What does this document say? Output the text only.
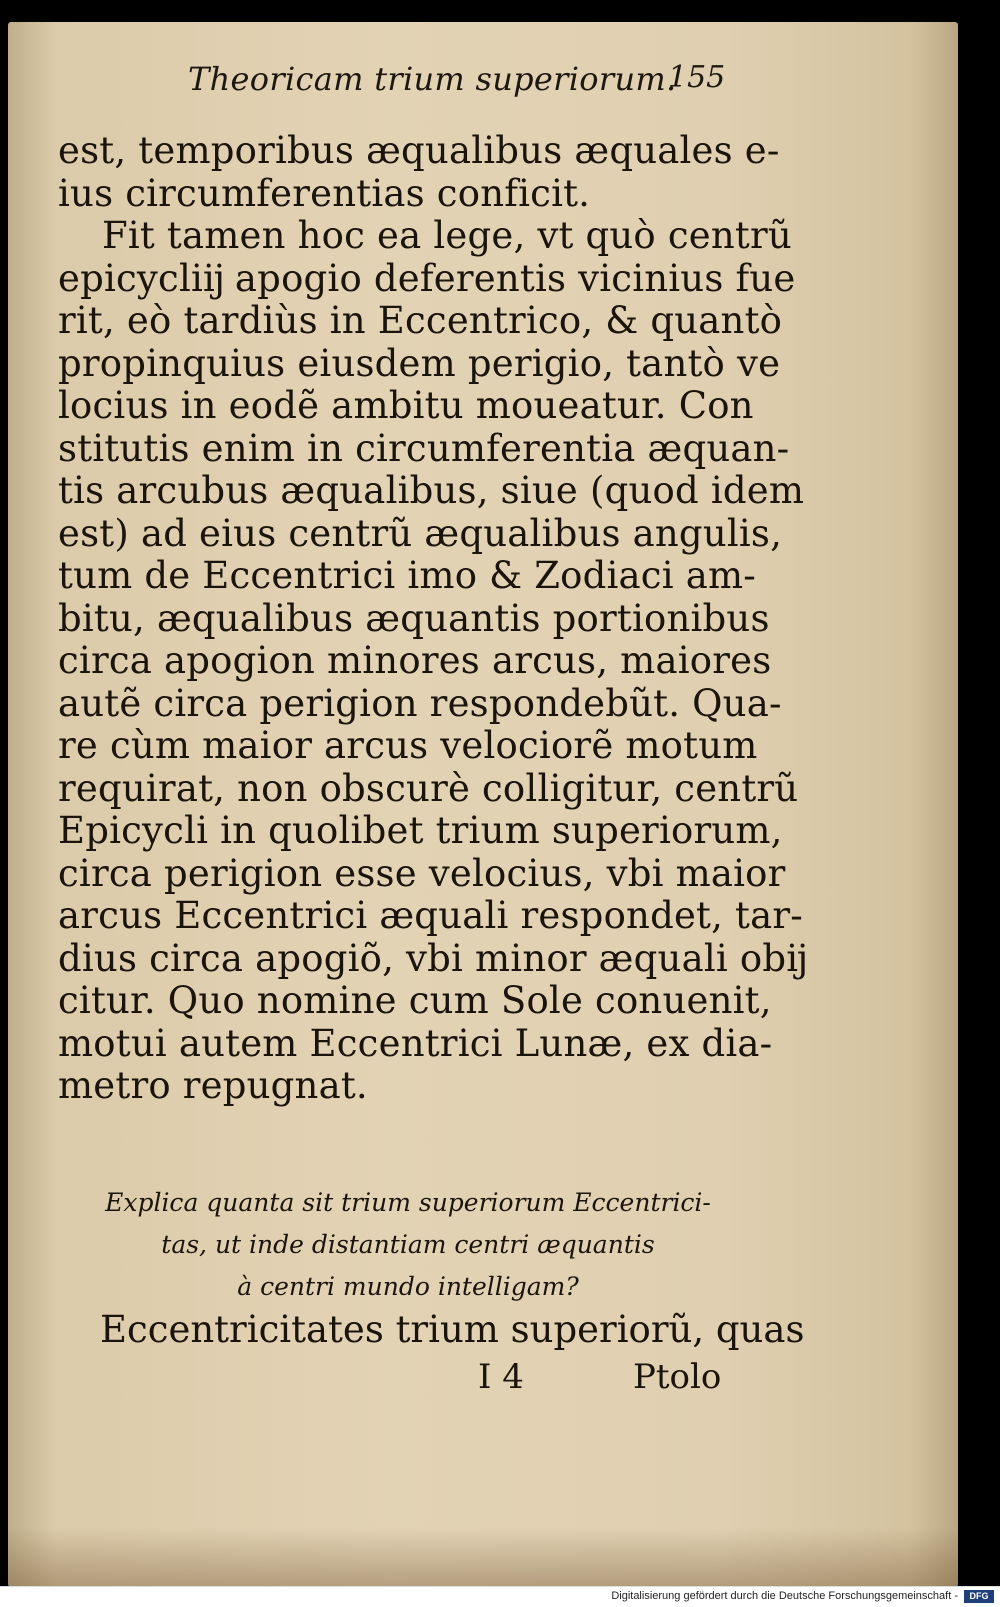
Theoricam trium superiorum.
155
est, temporibus æqualibus æquales e-
ius circumferentias conficit.
Fit tamen hoc ea lege, vt quò centrũ
epicycliĳ apogio deferentis vicinius fue
rit, eò tardiùs in Eccentrico, & quantò
propinquius eiusdem perigio, tantò ve
locius in eodẽ ambitu moueatur. Con
stitutis enim in circumferentia æquan-
tis arcubus æqualibus, siue (quod idem
est) ad eius centrũ æqualibus angulis,
tum de Eccentrici imo & Zodiaci am-
bitu, æqualibus æquantis portionibus
circa apogion minores arcus, maiores
autẽ circa perigion respondebũt. Qua-
re cùm maior arcus velociorẽ motum
requirat, non obscurè colligitur, centrũ
Epicycli in quolibet trium superiorum,
circa perigion esse velocius, vbi maior
arcus Eccentrici æquali respondet, tar-
dius circa apogiõ, vbi minor æquali obĳ
citur. Quo nomine cum Sole conuenit,
motui autem Eccentrici Lunæ, ex dia-
metro repugnat.
Explica quanta sit trium superiorum Eccentrici-
tas, ut inde distantiam centri æquantis
à centri mundo intelligam?
Eccentricitates trium superiorũ, quas
I 4	Ptolo
Digitalisierung gefördert durch die Deutsche Forschungsgemeinschaft -	DFG
